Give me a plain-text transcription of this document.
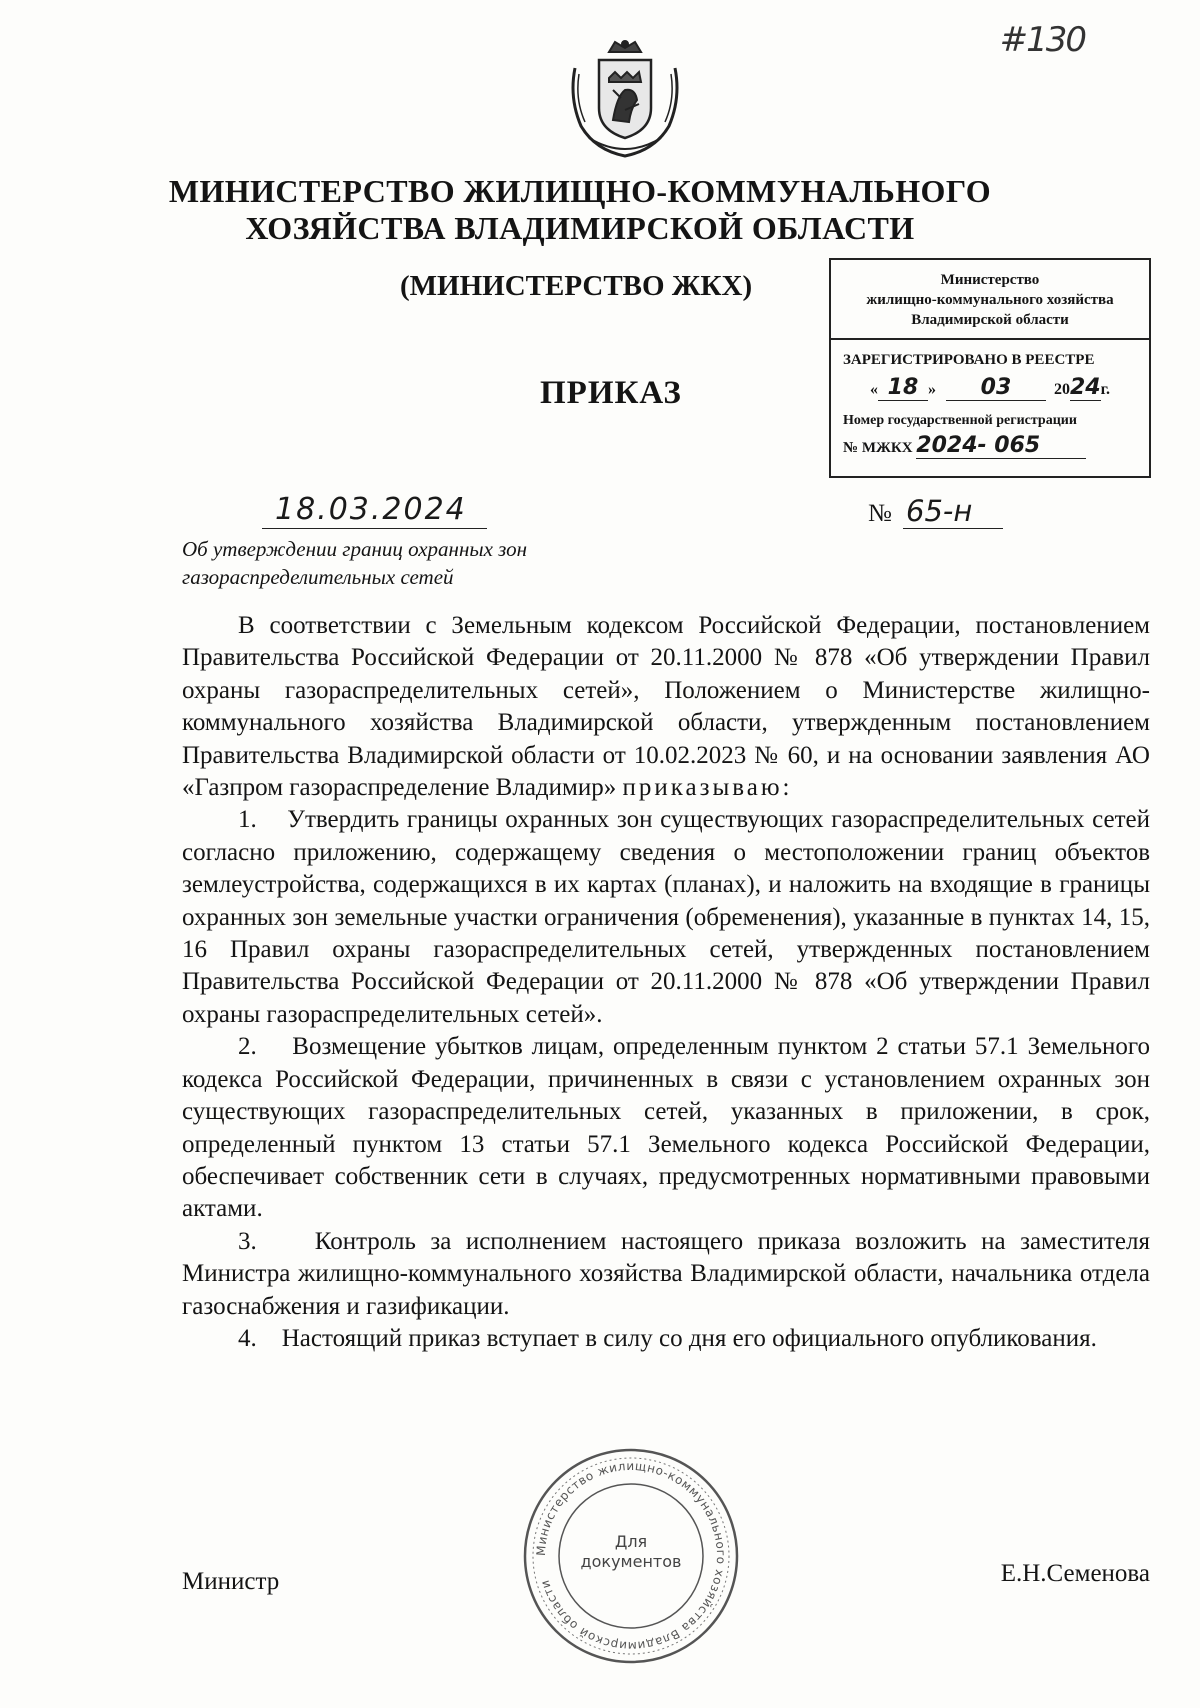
#130
МИНИСТЕРСТВО ЖИЛИЩНО-КОММУНАЛЬНОГО
ХОЗЯЙСТВА ВЛАДИМИРСКОЙ ОБЛАСТИ
(МИНИСТЕРСТВО ЖКХ)
ПРИКАЗ
Министерство
жилищно-коммунального хозяйства
Владимирской области
ЗАРЕГИСТРИРОВАНО В РЕЕСТРЕ
« 18 » 03	2024г.
Номер государственной регистрации
№ МЖКХ 2024- 065
18.03.2024	№ 65-н
Об утверждении границ охранных зон
газораспределительных сетей

В соответствии с Земельным кодексом Российской Федерации, постановлением Правительства Российской Федерации от 20.11.2000 № 878 «Об утверждении Правил охраны газораспределительных сетей», Положением о Министерстве жилищно-коммунального хозяйства Владимирской области, утвержденным постановлением Правительства Владимирской области от 10.02.2023 № 60, и на основании заявления АО «Газпром газораспределение Владимир» приказываю:

1.    Утвердить границы охранных зон существующих газораспределительных сетей согласно приложению, содержащему сведения о местоположении границ объектов землеустройства, содержащихся в их картах (планах), и наложить на входящие в границы охранных зон земельные участки ограничения (обременения), указанные в пунктах 14, 15, 16 Правил охраны газораспределительных сетей, утвержденных постановлением Правительства Российской Федерации от 20.11.2000 № 878 «Об утверждении Правил охраны газораспределительных сетей».

2.    Возмещение убытков лицам, определенным пунктом 2 статьи 57.1 Земельного кодекса Российской Федерации, причиненных в связи с установлением охранных зон существующих газораспределительных сетей, указанных в приложении, в срок, определенный пунктом 13 статьи 57.1 Земельного кодекса Российской Федерации, обеспечивает собственник сети в случаях, предусмотренных нормативными правовыми актами.

3.    Контроль за исполнением настоящего приказа возложить на заместителя Министра жилищно-коммунального хозяйства Владимирской области, начальника отдела газоснабжения и газификации.

4.    Настоящий приказ вступает в силу со дня его официального опубликования.

Министр	Е.Н.Семенова
Министерство жилищно-коммунального хозяйства Владимирской области
Для
документов
